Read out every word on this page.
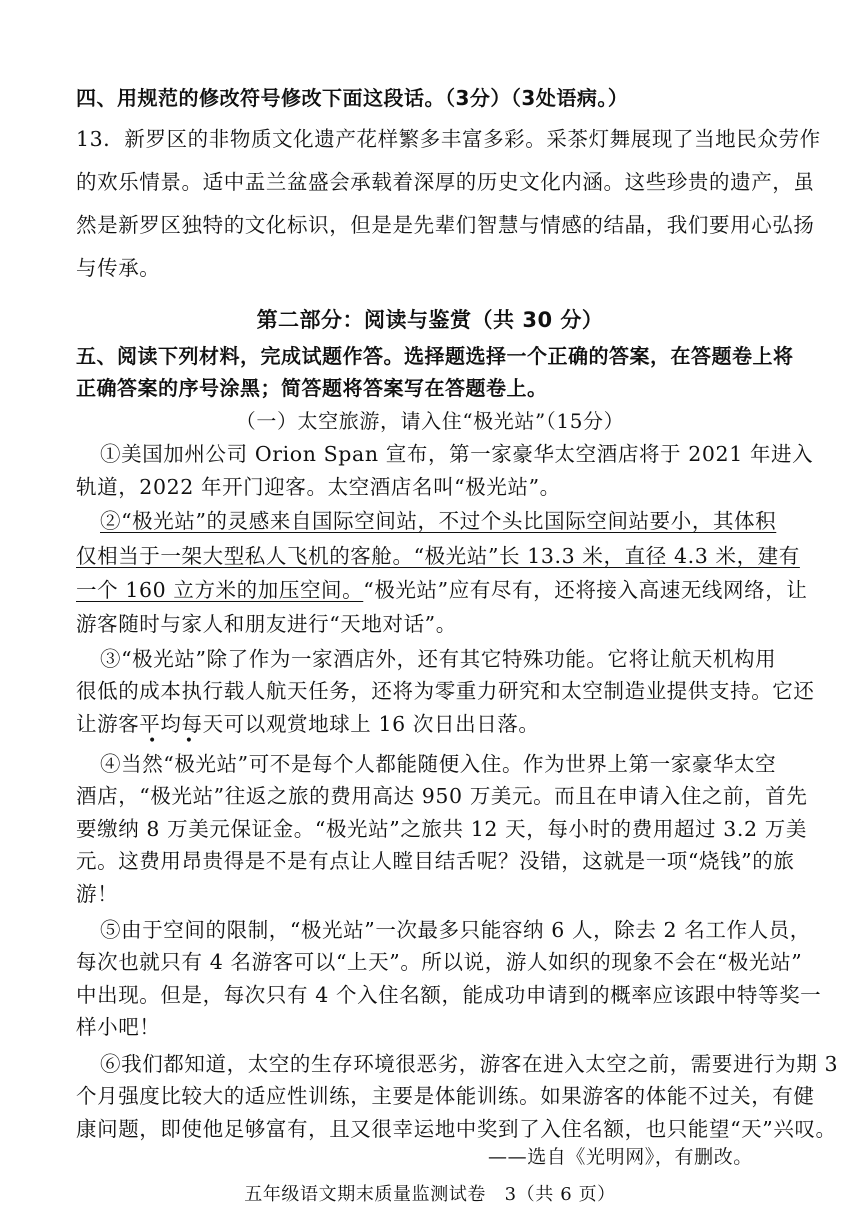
四、用规范的修改符号修改下面这段话。（3分）（3处语病。）
13．新罗区的非物质文化遗产花样繁多丰富多彩。采茶灯舞展现了当地民众劳作
的欢乐情景。适中盂兰盆盛会承载着深厚的历史文化内涵。这些珍贵的遗产，虽
然是新罗区独特的文化标识，但是是先辈们智慧与情感的结晶，我们要用心弘扬
与传承。
第二部分：阅读与鉴赏（共 30 分）
五、阅读下列材料，完成试题作答。选择题选择一个正确的答案，在答题卷上将
正确答案的序号涂黑；简答题将答案写在答题卷上。
（一）太空旅游，请入住“极光站”（15分）
①美国加州公司 Orion Span 宣布，第一家豪华太空酒店将于 2021 年进入
轨道，2022 年开门迎客。太空酒店名叫“极光站”。
②“极光站”的灵感来自国际空间站，不过个头比国际空间站要小，其体积
仅相当于一架大型私人飞机的客舱。“极光站”长 13.3 米，直径 4.3 米，建有
一个 160 立方米的加压空间。“极光站”应有尽有，还将接入高速无线网络，让
游客随时与家人和朋友进行“天地对话”。
③“极光站”除了作为一家酒店外，还有其它特殊功能。它将让航天机构用
很低的成本执行载人航天任务，还将为零重力研究和太空制造业提供支持。它还
让游客平均每天可以观赏地球上 16 次日出日落。
• •
④当然“极光站”可不是每个人都能随便入住。作为世界上第一家豪华太空
酒店，“极光站”往返之旅的费用高达 950 万美元。而且在申请入住之前，首先
要缴纳 8 万美元保证金。“极光站”之旅共 12 天，每小时的费用超过 3.2 万美
元。这费用昂贵得是不是有点让人瞠目结舌呢？没错，这就是一项“烧钱”的旅
游！
⑤由于空间的限制，“极光站”一次最多只能容纳 6 人，除去 2 名工作人员，
每次也就只有 4 名游客可以“上天”。所以说，游人如织的现象不会在“极光站”
中出现。但是，每次只有 4 个入住名额，能成功申请到的概率应该跟中特等奖一
样小吧！
⑥我们都知道，太空的生存环境很恶劣，游客在进入太空之前，需要进行为期 3
个月强度比较大的适应性训练，主要是体能训练。如果游客的体能不过关，有健
康问题，即使他足够富有，且又很幸运地中奖到了入住名额，也只能望“天”兴叹。
——选自《光明网》，有删改。
五年级语文期末质量监测试卷　3（共 6 页）
